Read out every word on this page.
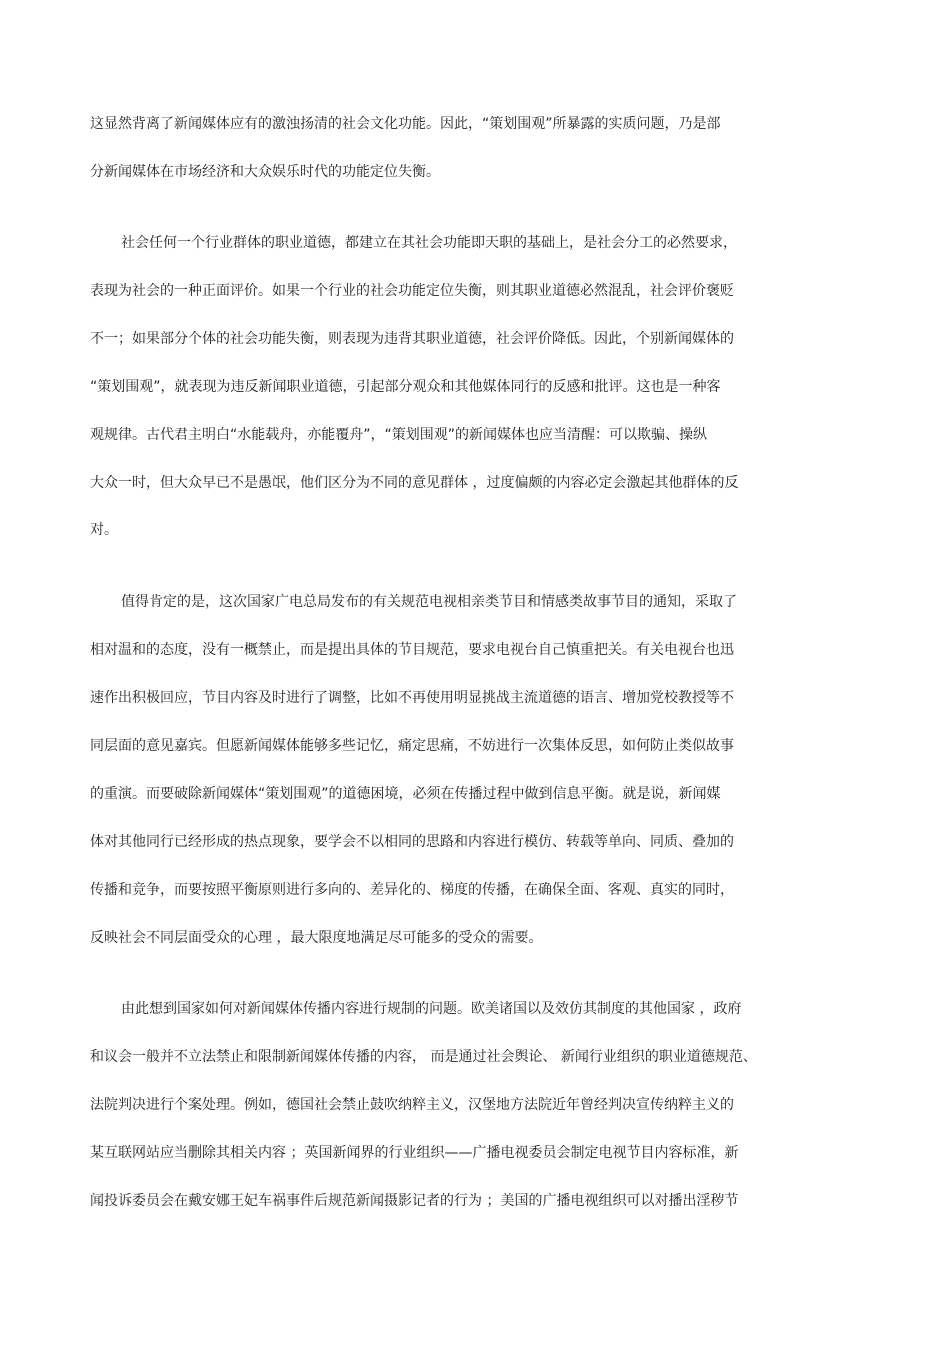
这显然背离了新闻媒体应有的激浊扬清的社会文化功能。因此，“策划围观”所暴露的实质问题，乃是部
分新闻媒体在市场经济和大众娱乐时代的功能定位失衡。
社会任何一个行业群体的职业道德，都建立在其社会功能即天职的基础上，是社会分工的必然要求，
表现为社会的一种正面评价。如果一个行业的社会功能定位失衡，则其职业道德必然混乱，社会评价褒贬
不一；如果部分个体的社会功能失衡，则表现为违背其职业道德，社会评价降低。因此，个别新闻媒体的
“策划围观”，就表现为违反新闻职业道德，引起部分观众和其他媒体同行的反感和批评。这也是一种客
观规律。古代君主明白“水能载舟，亦能覆舟”，“策划围观”的新闻媒体也应当清醒：可以欺骗、操纵
大众一时，但大众早已不是愚氓，他们区分为不同的意见群体 ，过度偏颇的内容必定会激起其他群体的反
对。
值得肯定的是，这次国家广电总局发布的有关规范电视相亲类节目和情感类故事节目的通知，采取了
相对温和的态度，没有一概禁止，而是提出具体的节目规范，要求电视台自己慎重把关。有关电视台也迅
速作出积极回应，节目内容及时进行了调整，比如不再使用明显挑战主流道德的语言、增加党校教授等不
同层面的意见嘉宾。但愿新闻媒体能够多些记忆，痛定思痛，不妨进行一次集体反思，如何防止类似故事
的重演。而要破除新闻媒体“策划围观”的道德困境，必须在传播过程中做到信息平衡。就是说，新闻媒
体对其他同行已经形成的热点现象，要学会不以相同的思路和内容进行模仿、转载等单向、同质、叠加的
传播和竞争，而要按照平衡原则进行多向的、差异化的、梯度的传播，在确保全面、客观、真实的同时，
反映社会不同层面受众的心理 ，最大限度地满足尽可能多的受众的需要。
由此想到国家如何对新闻媒体传播内容进行规制的问题。欧美诸国以及效仿其制度的其他国家 ，政府
和议会一般并不立法禁止和限制新闻媒体传播的内容， 而是通过社会舆论、 新闻行业组织的职业道德规范、
法院判决进行个案处理。例如，德国社会禁止鼓吹纳粹主义，汉堡地方法院近年曾经判决宣传纳粹主义的
某互联网站应当删除其相关内容 ；英国新闻界的行业组织——广播电视委员会制定电视节目内容标准，新
闻投诉委员会在戴安娜王妃车祸事件后规范新闻摄影记者的行为 ；美国的广播电视组织可以对播出淫秽节
